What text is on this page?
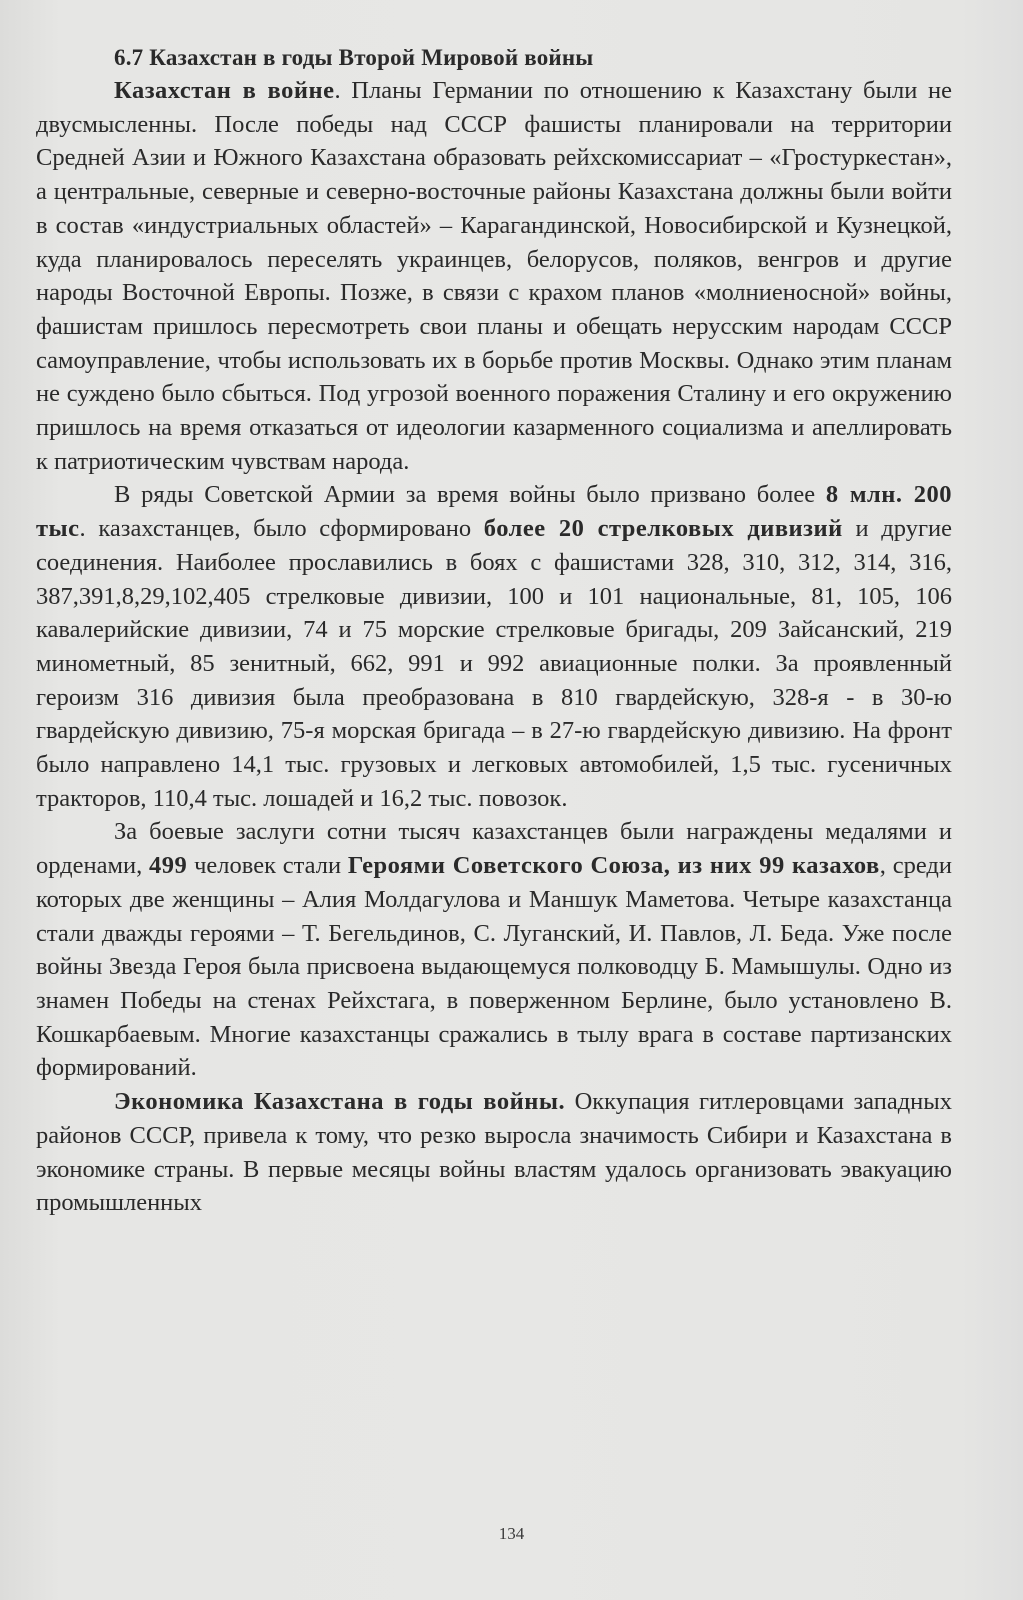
6.7 Казахстан в годы Второй Мировой войны

Казахстан в войне. Планы Германии по отношению к Казахстану были не двусмысленны. После победы над СССР фашисты планировали на территории Средней Азии и Южного Казахстана образовать рейхскомиссариат – «Гростуркестан», а центральные, северные и северно-восточные районы Казахстана должны были войти в состав «индустриальных областей» – Карагандинской, Новосибирской и Кузнецкой, куда планировалось переселять украинцев, белорусов, поляков, венгров и другие народы Восточной Европы. Позже, в связи с крахом планов «молниеносной» войны, фашистам пришлось пересмотреть свои планы и обещать нерусским народам СССР самоуправление, чтобы использовать их в борьбе против Москвы. Однако этим планам не суждено было сбыться. Под угрозой военного поражения Сталину и его окружению пришлось на время отказаться от идеологии казарменного социализма и апеллировать к патриотическим чувствам народа.

В ряды Советской Армии за время войны было призвано более 8 млн. 200 тыс. казахстанцев, было сформировано более 20 стрелковых дивизий и другие соединения. Наиболее прославились в боях с фашистами 328, 310, 312, 314, 316, 387,391,8,29,102,405 стрелковые дивизии, 100 и 101 национальные, 81, 105, 106 кавалерийские дивизии, 74 и 75 морские стрелковые бригады, 209 Зайсанский, 219 минометный, 85 зенитный, 662, 991 и 992 авиационные полки. За проявленный героизм 316 дивизия была преобразована в 810 гвардейскую, 328-я - в 30-ю гвардейскую дивизию, 75-я морская бригада – в 27-ю гвардейскую дивизию. На фронт было направлено 14,1 тыс. грузовых и легковых автомобилей, 1,5 тыс. гусеничных тракторов, 110,4 тыс. лошадей и 16,2 тыс. повозок.

За боевые заслуги сотни тысяч казахстанцев были награждены медалями и орденами, 499 человек стали Героями Советского Союза, из них 99 казахов, среди которых две женщины – Алия Молдагулова и Маншук Маметова. Четыре казахстанца стали дважды героями – Т. Бегельдинов, С. Луганский, И. Павлов, Л. Беда. Уже после войны Звезда Героя была присвоена выдающемуся полководцу Б. Мамышулы. Одно из знамен Победы на стенах Рейхстага, в поверженном Берлине, было установлено В. Кошкарбаевым. Многие казахстанцы сражались в тылу врага в составе партизанских формирований.

Экономика Казахстана в годы войны. Оккупация гитлеровцами западных районов СССР, привела к тому, что резко выросла значимость Сибири и Казахстана в экономике страны. В первые месяцы войны властям удалось организовать эвакуацию промышленных

134
